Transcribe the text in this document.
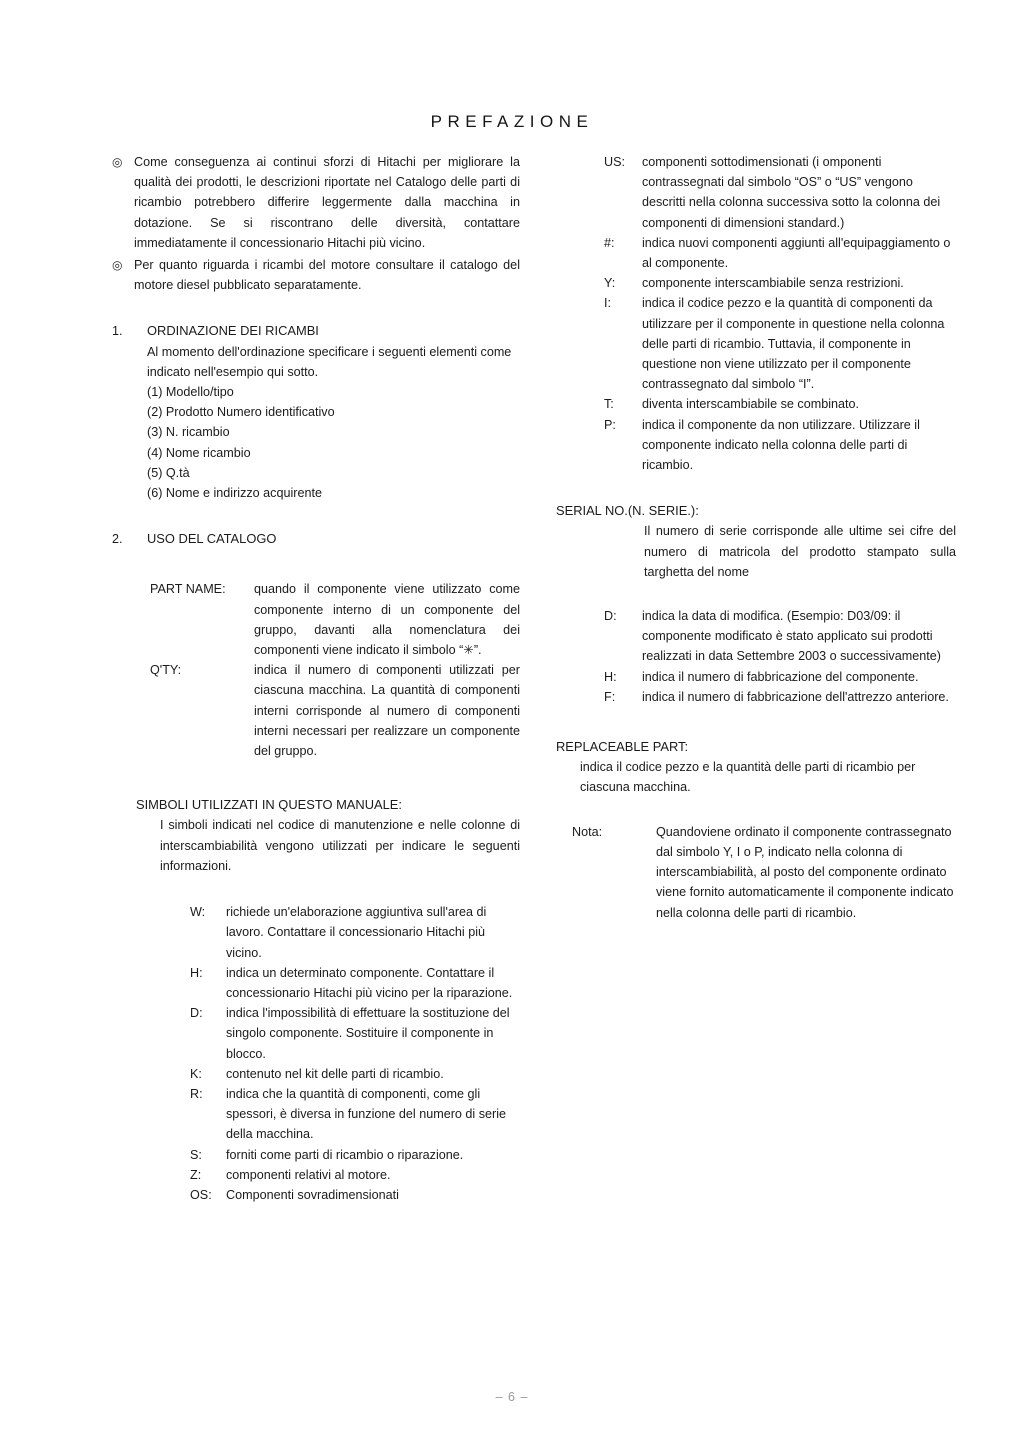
PREFAZIONE
◎ Come conseguenza ai continui sforzi di Hitachi per migliorare la qualità dei prodotti, le descrizioni riportate nel Catalogo delle parti di ricambio potrebbero differire leggermente dalla macchina in dotazione. Se si riscontrano delle diversità, contattare immediatamente il concessionario Hitachi più vicino.
◎ Per quanto riguarda i ricambi del motore consultare il catalogo del motore diesel pubblicato separatamente.
1.	ORDINAZIONE DEI RICAMBI
Al momento dell'ordinazione specificare i seguenti elementi come indicato nell'esempio qui sotto.
(1) Modello/tipo
(2) Prodotto Numero identificativo
(3) N. ricambio
(4) Nome ricambio
(5) Q.tà
(6) Nome e indirizzo acquirente
2.	USO DEL CATALOGO
PART NAME:	quando il componente viene utilizzato come componente interno di un componente del gruppo, davanti alla nomenclatura dei componenti viene indicato il simbolo “✳”.
Q'TY:	indica il numero di componenti utilizzati per ciascuna macchina. La quantità di componenti interni corrisponde al numero di componenti interni necessari per realizzare un componente del gruppo.
SIMBOLI UTILIZZATI IN QUESTO MANUALE:
I simboli indicati nel codice di manutenzione e nelle colonne di interscambiabilità vengono utilizzati per indicare le seguenti informazioni.
W:	richiede un'elaborazione aggiuntiva sull'area di lavoro. Contattare il concessionario Hitachi più vicino.
H:	indica un determinato componente. Contattare il concessionario Hitachi più vicino per la riparazione.
D:	indica l'impossibilità di effettuare la sostituzione del singolo componente. Sostituire il componente in blocco.
K:	contenuto nel kit delle parti di ricambio.
R:	indica che la quantità di componenti, come gli spessori, è diversa in funzione del numero di serie della macchina.
S:	forniti come parti di ricambio o riparazione.
Z:	componenti relativi al motore.
OS:	Componenti sovradimensionati
US:	componenti sottodimensionati (i omponenti contrassegnati dal simbolo “OS” o “US” vengono descritti nella colonna successiva sotto la colonna dei componenti di dimensioni standard.)
#:	indica nuovi componenti aggiunti all'equipaggiamento o al componente.
Y:	componente interscambiabile senza restrizioni.
I:	indica il codice pezzo e la quantità di componenti da utilizzare per il componente in questione nella colonna delle parti di ricambio. Tuttavia, il componente in questione non viene utilizzato per il componente contrassegnato dal simbolo “I”.
T:	diventa interscambiabile se combinato.
P:	indica il componente da non utilizzare. Utilizzare il componente indicato nella colonna delle parti di ricambio.
SERIAL NO.(N. SERIE.):
Il numero di serie corrisponde alle ultime sei cifre del numero di matricola del prodotto stampato sulla targhetta del nome
D:	indica la data di modifica. (Esempio: D03/09: il componente modificato è stato applicato sui prodotti realizzati in data Settembre 2003 o successivamente)
H:	indica il numero di fabbricazione del componente.
F:	indica il numero di fabbricazione dell'attrezzo anteriore.
REPLACEABLE PART:
indica il codice pezzo e la quantità delle parti di ricambio per ciascuna macchina.
Nota:	Quandoviene ordinato il componente contrassegnato dal simbolo Y, I o P, indicato nella colonna di interscambiabilità, al posto del componente ordinato viene fornito automaticamente il componente indicato nella colonna delle parti di ricambio.
– 6 –
